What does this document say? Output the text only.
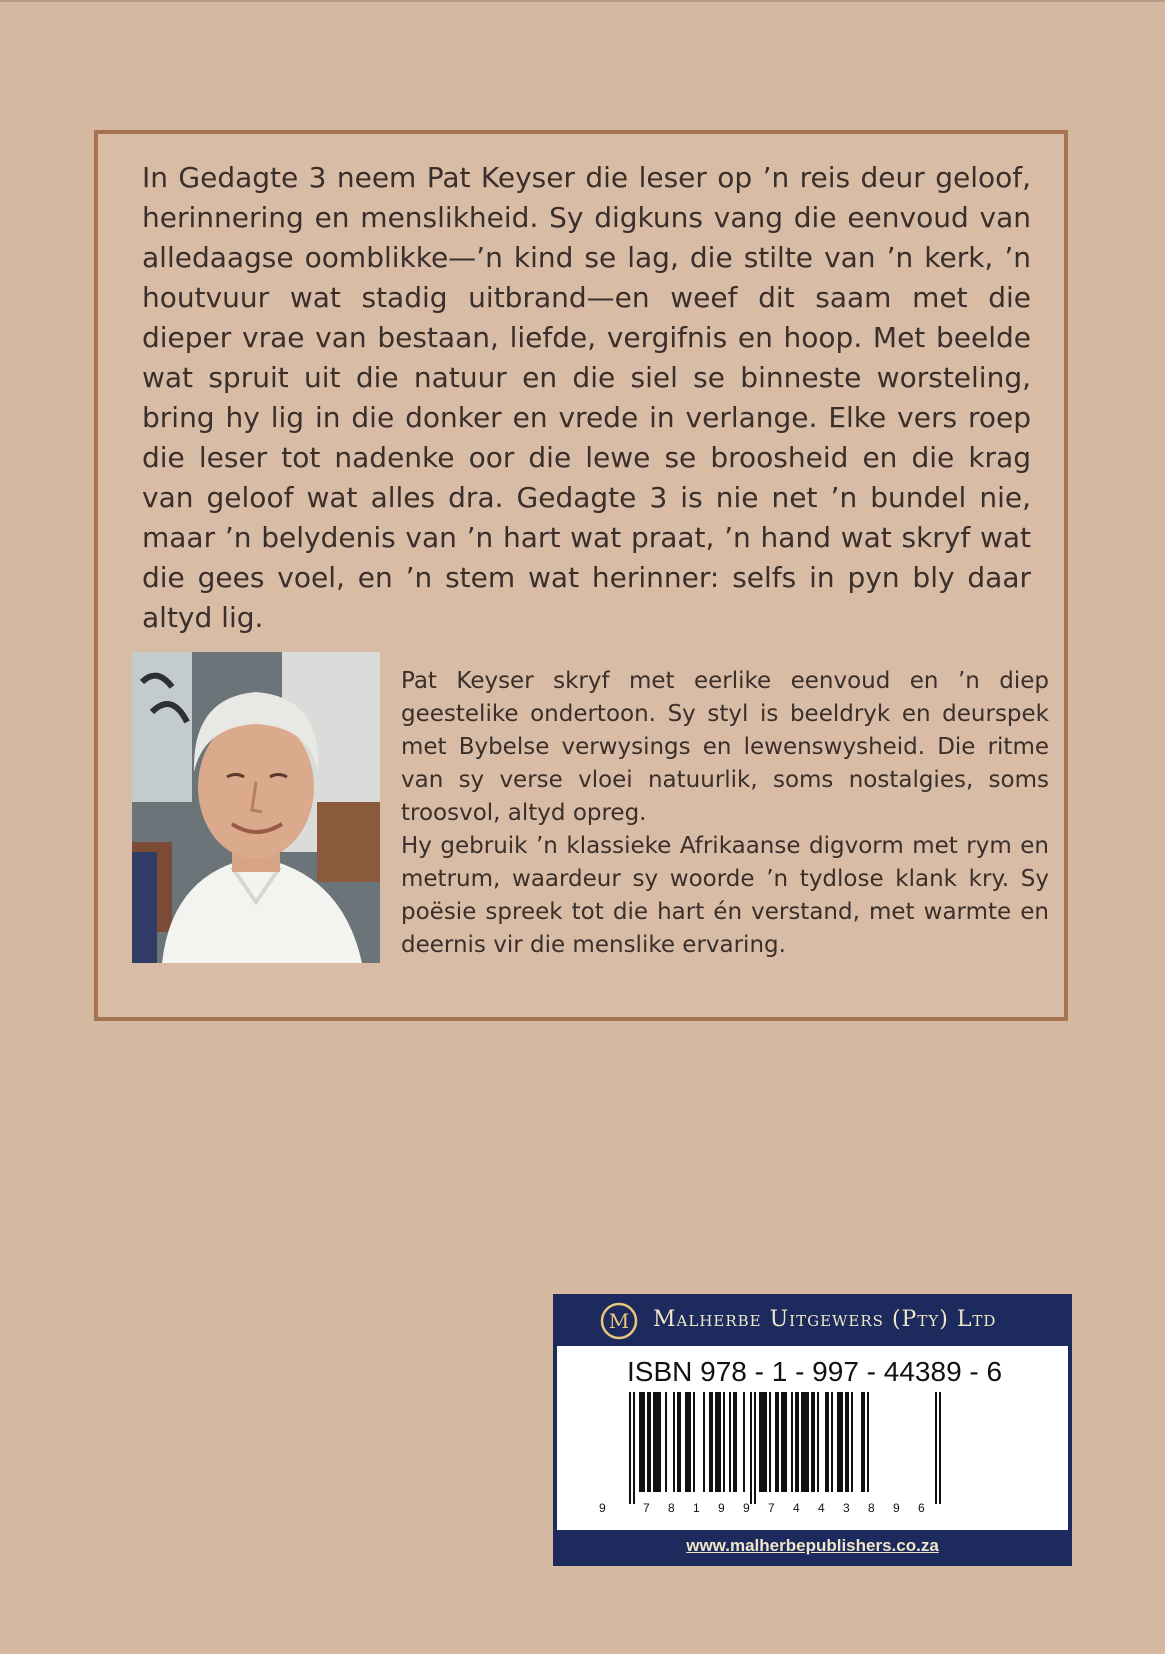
In Gedagte 3 neem Pat Keyser die leser op ’n reis deur geloof, herinnering en menslikheid. Sy digkuns vang die eenvoud van alledaagse oomblikke—’n kind se lag, die stilte van ’n kerk, ’n houtvuur wat stadig uitbrand—en weef dit saam met die dieper vrae van bestaan, liefde, vergifnis en hoop. Met beelde wat spruit uit die natuur en die siel se binneste worsteling, bring hy lig in die donker en vrede in verlange. Elke vers roep die leser tot nadenke oor die lewe se broosheid en die krag van geloof wat alles dra. Gedagte 3 is nie net ’n bundel nie, maar ’n belydenis van ’n hart wat praat, ’n hand wat skryf wat die gees voel, en ’n stem wat herinner: selfs in pyn bly daar altyd lig.

Pat Keyser skryf met eerlike eenvoud en ’n diep geestelike ondertoon. Sy styl is beeldryk en deurspek met Bybelse verwysings en lewenswysheid. Die ritme van sy verse vloei natuurlik, soms nostalgies, soms troosvol, altyd opreg.

Hy gebruik ’n klassieke Afrikaanse digvorm met rym en metrum, waardeur sy woorde ’n tydlose klank kry. Sy poësie spreek tot die hart én verstand, met warmte en deernis vir die menslike ervaring.

M Malherbe Uitgewers (Pty) Ltd
ISBN 978 - 1 - 997 - 44389 - 6
9	7 8 1 9 9 7 4 4 3 8 9 6
www.malherbepublishers.co.za
